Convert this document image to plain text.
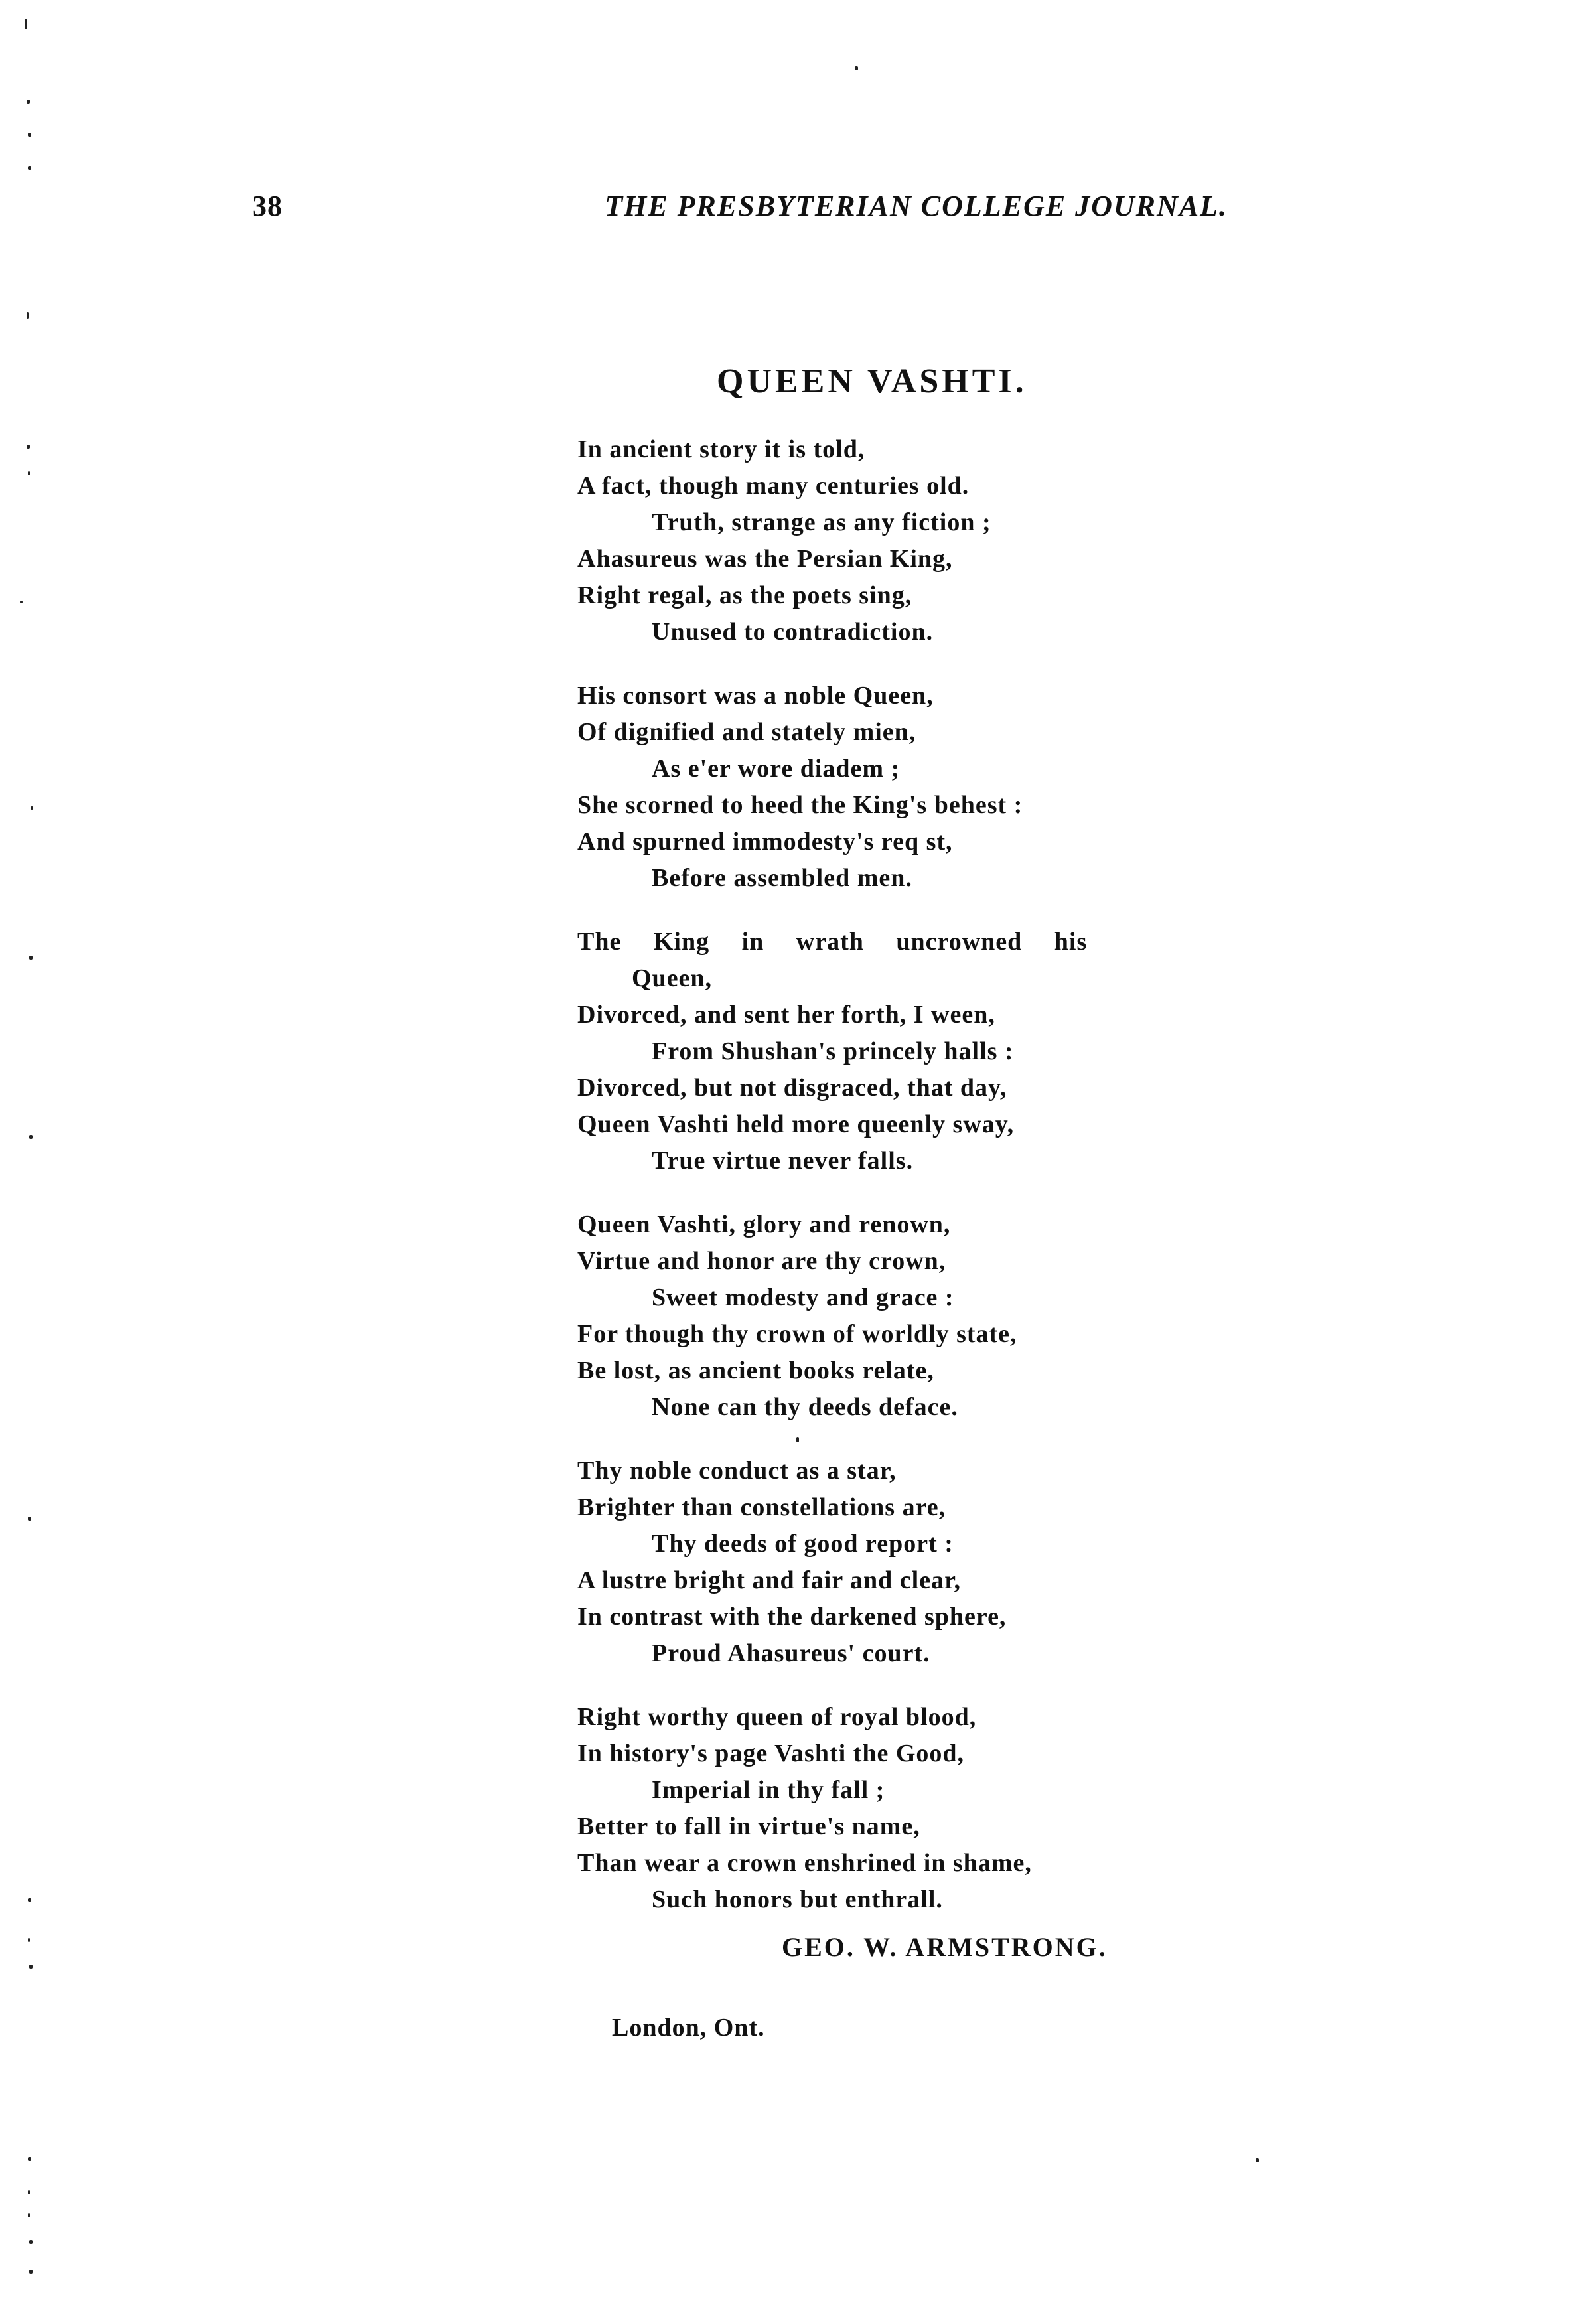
38	THE PRESBYTERIAN COLLEGE JOURNAL.
QUEEN VASHTI.
In ancient story it is told,
A fact, though many centuries old.
Truth, strange as any fiction ;
Ahasureus was the Persian King,
Right regal, as the poets sing,
Unused to contradiction.
His consort was a noble Queen,
Of dignified and stately mien,
As e'er wore diadem ;
She scorned to heed the King's behest :
And spurned immodesty's req st,
Before assembled men.
The King in wrath uncrowned his
Queen,
Divorced, and sent her forth, I ween,
From Shushan's princely halls :
Divorced, but not disgraced, that day,
Queen Vashti held more queenly sway,
True virtue never falls.
Queen Vashti, glory and renown,
Virtue and honor are thy crown,
Sweet modesty and grace :
For though thy crown of worldly state,
Be lost, as ancient books relate,
None can thy deeds deface.
Thy noble conduct as a star,
Brighter than constellations are,
Thy deeds of good report :
A lustre bright and fair and clear,
In contrast with the darkened sphere,
Proud Ahasureus' court.
Right worthy queen of royal blood,
In history's page Vashti the Good,
Imperial in thy fall ;
Better to fall in virtue's name,
Than wear a crown enshrined in shame,
Such honors but enthrall.
GEO. W. ARMSTRONG.
London, Ont.
